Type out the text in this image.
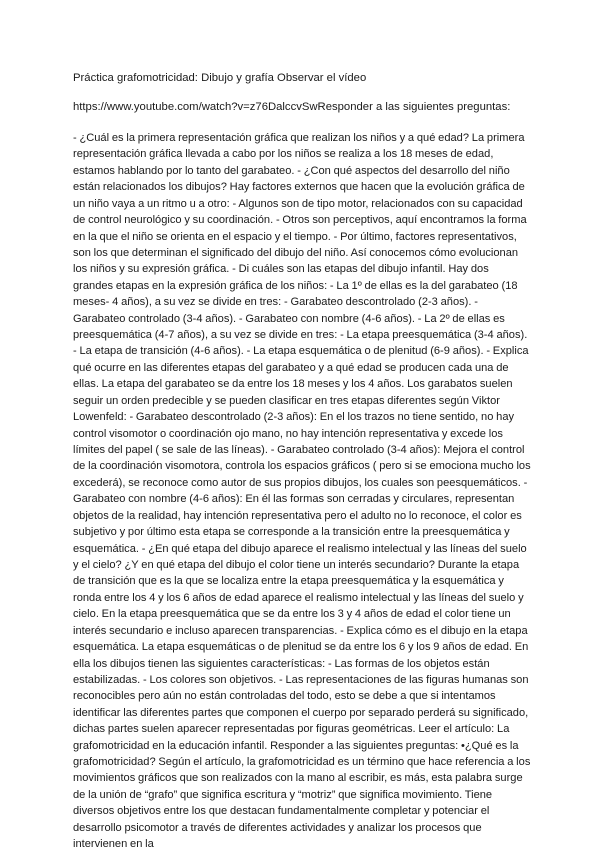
Práctica grafomotricidad: Dibujo y grafía Observar el vídeo

https://www.youtube.com/watch?v=z76DalccvSwResponder a las siguientes preguntas:

- ¿Cuál es la primera representación gráfica que realizan los niños y a qué edad? La primera representación gráfica llevada a cabo por los niños se realiza a los 18 meses de edad, estamos hablando por lo tanto del garabateo. - ¿Con qué aspectos del desarrollo del niño están relacionados los dibujos? Hay factores externos que hacen que la evolución gráfica de un niño vaya a un ritmo u a otro: - Algunos son de tipo motor, relacionados con su capacidad de control neurológico y su coordinación. - Otros son perceptivos, aquí encontramos la forma en la que el niño se orienta en el espacio y el tiempo. - Por último, factores representativos, son los que determinan el significado del dibujo del niño. Así conocemos cómo evolucionan los niños y su expresión gráfica. - Di cuáles son las etapas del dibujo infantil. Hay dos grandes etapas en la expresión gráfica de los niños: - La 1º de ellas es la del garabateo (18 meses- 4 años), a su vez se divide en tres: - Garabateo descontrolado (2-3 años). - Garabateo controlado (3-4 años). - Garabateo con nombre (4-6 años). - La 2º de ellas es preesquemática (4-7 años), a su vez se divide en tres: - La etapa preesquemática (3-4 años). - La etapa de transición (4-6 años). - La etapa esquemática o de plenitud (6-9 años). - Explica qué ocurre en las diferentes etapas del garabateo y a qué edad se producen cada una de ellas. La etapa del garabateo se da entre los 18 meses y los 4 años. Los garabatos suelen seguir un orden predecible y se pueden clasificar en tres etapas diferentes según Viktor Lowenfeld: - Garabateo descontrolado (2-3 años): En el los trazos no tiene sentido, no hay control visomotor o coordinación ojo mano, no hay intención representativa y excede los límites del papel ( se sale de las líneas). - Garabateo controlado (3-4 años): Mejora el control de la coordinación visomotora, controla los espacios gráficos ( pero si se emociona mucho los excederá), se reconoce como autor de sus propios dibujos, los cuales son peesquemáticos. - Garabateo con nombre (4-6 años): En él las formas son cerradas y circulares, representan objetos de la realidad, hay intención representativa pero el adulto no lo reconoce, el color es subjetivo y por último esta etapa se corresponde a la transición entre la preesquemática y esquemática. - ¿En qué etapa del dibujo aparece el realismo intelectual y las líneas del suelo y el cielo? ¿Y en qué etapa del dibujo el color tiene un interés secundario? Durante la etapa de transición que es la que se localiza entre la etapa preesquemática y la esquemática y ronda entre los 4 y los 6 años de edad aparece el realismo intelectual y las líneas del suelo y cielo. En la etapa preesquemática que se da entre los 3 y 4 años de edad el color tiene un interés secundario e incluso aparecen transparencias. - Explica cómo es el dibujo en la etapa esquemática. La etapa esquemáticas o de plenitud se da entre los 6 y los 9 años de edad. En ella los dibujos tienen las siguientes características: - Las formas de los objetos están estabilizadas. - Los colores son objetivos. - Las representaciones de las figuras humanas son reconocibles pero aún no están controladas del todo, esto se debe a que si intentamos identificar las diferentes partes que componen el cuerpo por separado perderá su significado, dichas partes suelen aparecer representadas por figuras geométricas. Leer el artículo: La grafomotricidad en la educación infantil. Responder a las siguientes preguntas: •¿Qué es la grafomotricidad? Según el artículo, la grafomotricidad es un término que hace referencia a los movimientos gráficos que son realizados con la mano al escribir, es más, esta palabra surge de la unión de “grafo” que significa escritura y “motriz” que significa movimiento. Tiene diversos objetivos entre los que destacan fundamentalmente completar y potenciar el desarrollo psicomotor a través de diferentes actividades y analizar los procesos que intervienen en la
